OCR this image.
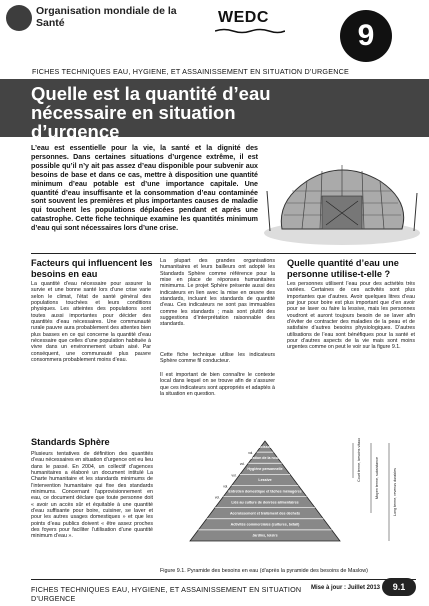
Organisation mondiale de la Santé	WEDC
9
FICHES TECHNIQUES EAU, HYGIENE, ET ASSAINISSEMENT EN SITUATION D’URGENCE
Quelle est la quantité d’eau nécessaire en situation d’urgence
L’eau est essentielle pour la vie, la santé et la dignité des personnes. Dans certaines situations d’urgence extrême, il est possible qu’il n’y ait pas assez d’eau disponible pour subvenir aux besoins de base et dans ce cas, mettre à disposition une quantité minimum d’eau potable est d’une importance capitale. Une quantité d’eau insuffisante et la consommation d’eau contaminée sont souvent les premières et plus importantes causes de maladie qui touchent les populations déplacées pendant et après une catastrophe. Cette fiche technique examine les quantités minimum d’eau qui sont nécessaires lors d’une crise.
Facteurs qui influencent les besoins en eau
La quantité d’eau nécessaire pour assurer la survie et une bonne santé lors d’une crise varie selon le climat, l’état de santé général des populations touchées et leurs conditions physiques. Les atteintes des populations sont toutes aussi importantes pour décider des quantités d’eau nécessaires. Une communauté rurale pauvre aura probablement des attentes bien plus basses en ce qui concerne la quantité d’eau nécessaire que celles d’une population habituée à vivre dans un environnement urbain aisé. Par conséquent, une communauté plus pauvre consommera probablement moins d’eau.
La plupart des grandes organisations humanitaires et leurs bailleurs ont adopté les Standards Sphère comme référence pour la mise en place de réponses humanitaires minimums. Le projet Sphère présente aussi des indicateurs en lien avec la mise en œuvre des standards, incluant les standards de quantité d’eau. Ces indicateurs ne sont pas immuables comme les standards ; mais sont plutôt des suggestions d’interprétation raisonnable des standards.
Cette fiche technique utilise les indicateurs Sphère comme fil conducteur.
Il est important de bien connaître le contexte local dans lequel on se trouve afin de s’assurer que ces indicateurs sont appropriés et adaptés à la situation en question.
Quelle quantité d’eau une personne utilise-t-elle ?
Les personnes utilisent l’eau pour des activités très variées. Certaines de ces activités sont plus importantes que d’autres. Avoir quelques litres d’eau par jour pour boire est plus important que d’en avoir pour se laver ou faire la lessive, mais les personnes voudront et auront toujours besoin de se laver afin d’éviter de contracter des maladies de la peau et de satisfaire d’autres besoins physiologiques. D’autres utilisations de l’eau sont bénéfiques pour la santé et pour d’autres aspects de la vie mais sont moins urgentes comme on peut le voir sur la figure 9.1.
Standards Sphère
Plusieurs tentatives de définition des quantités d’eau nécessaires en situation d’urgence ont eu lieu dans le passé. En 2004, un collectif d’agences humanitaires a élaboré un document intitulé La Charte humanitaire et les standards minimums de l’intervention humanitaire qui fixe des standards minimums. Concernant l’approvisionnement en eau, ce document déclare que toute personne doit « avoir un accès sûr et équitable à une quantité d’eau suffisante pour boire, cuisiner, se laver et pour les autres usages domestiques » et que les points d’eau publics doivent « être assez proches des foyers pour faciliter l’utilisation d’une quantité minimum d’eau ».
Boisson
Préparation de la nourriture
Hygiène personnelle
Lessive
Entretien domestique et tâches ménagères
Liés au culture de denrées alimentaires
Accroissement et traitement des déchets
Activités commerciales (cultures, bétail)
Jardins, loisirs
vol.
vol.
vol.
vol.
vol.
Court terme, besoins vitaux	Moyen terme, subsistance	Long terme, revenus durables
Figure 9.1. Pyramide des besoins en eau (d’après la pyramide des besoins de Maslow)
FICHES TECHNIQUES EAU, HYGIENE, ET ASSAINISSEMENT EN SITUATION D’URGENCE
Mise à jour : Juillet 2013	9.1
